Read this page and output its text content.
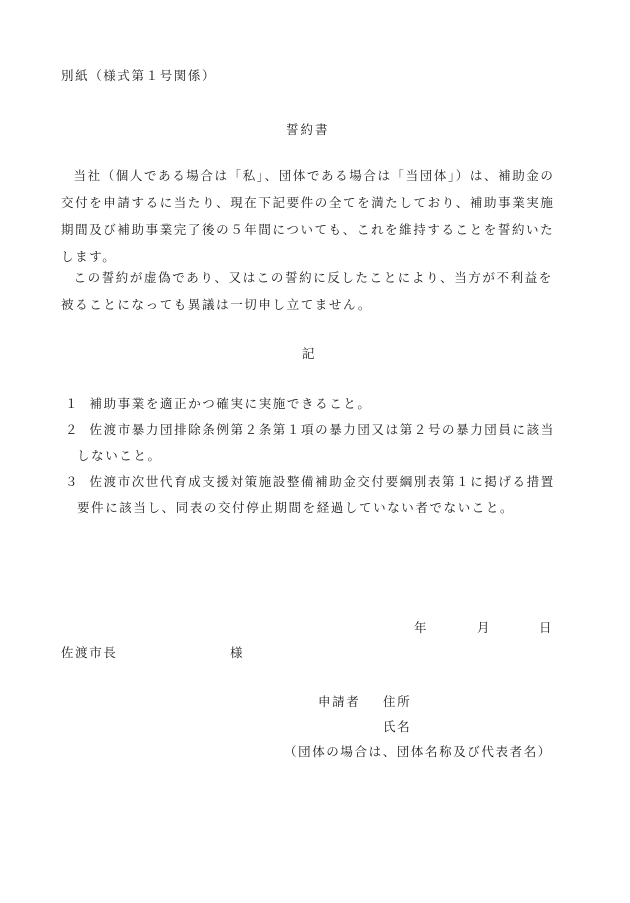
別紙（様式第１号関係）
誓約書
当社（個人である場合は「私」、団体である場合は「当団体」）は、補助金の交付を申請するに当たり、現在下記要件の全てを満たしており、補助事業実施期間及び補助事業完了後の５年間についても、これを維持することを誓約いたします。
この誓約が虚偽であり、又はこの誓約に反したことにより、当方が不利益を被ることになっても異議は一切申し立てません。
記
１ 補助事業を適正かつ確実に実施できること。
２ 佐渡市暴力団排除条例第２条第１項の暴力団又は第２号の暴力団員に該当しないこと。
３ 佐渡市次世代育成支援対策施設整備補助金交付要綱別表第１に掲げる措置要件に該当し、同表の交付停止期間を経過していない者でないこと。
年	月	日
佐渡市長	様
申請者 住所
氏名
（団体の場合は、団体名称及び代表者名）
